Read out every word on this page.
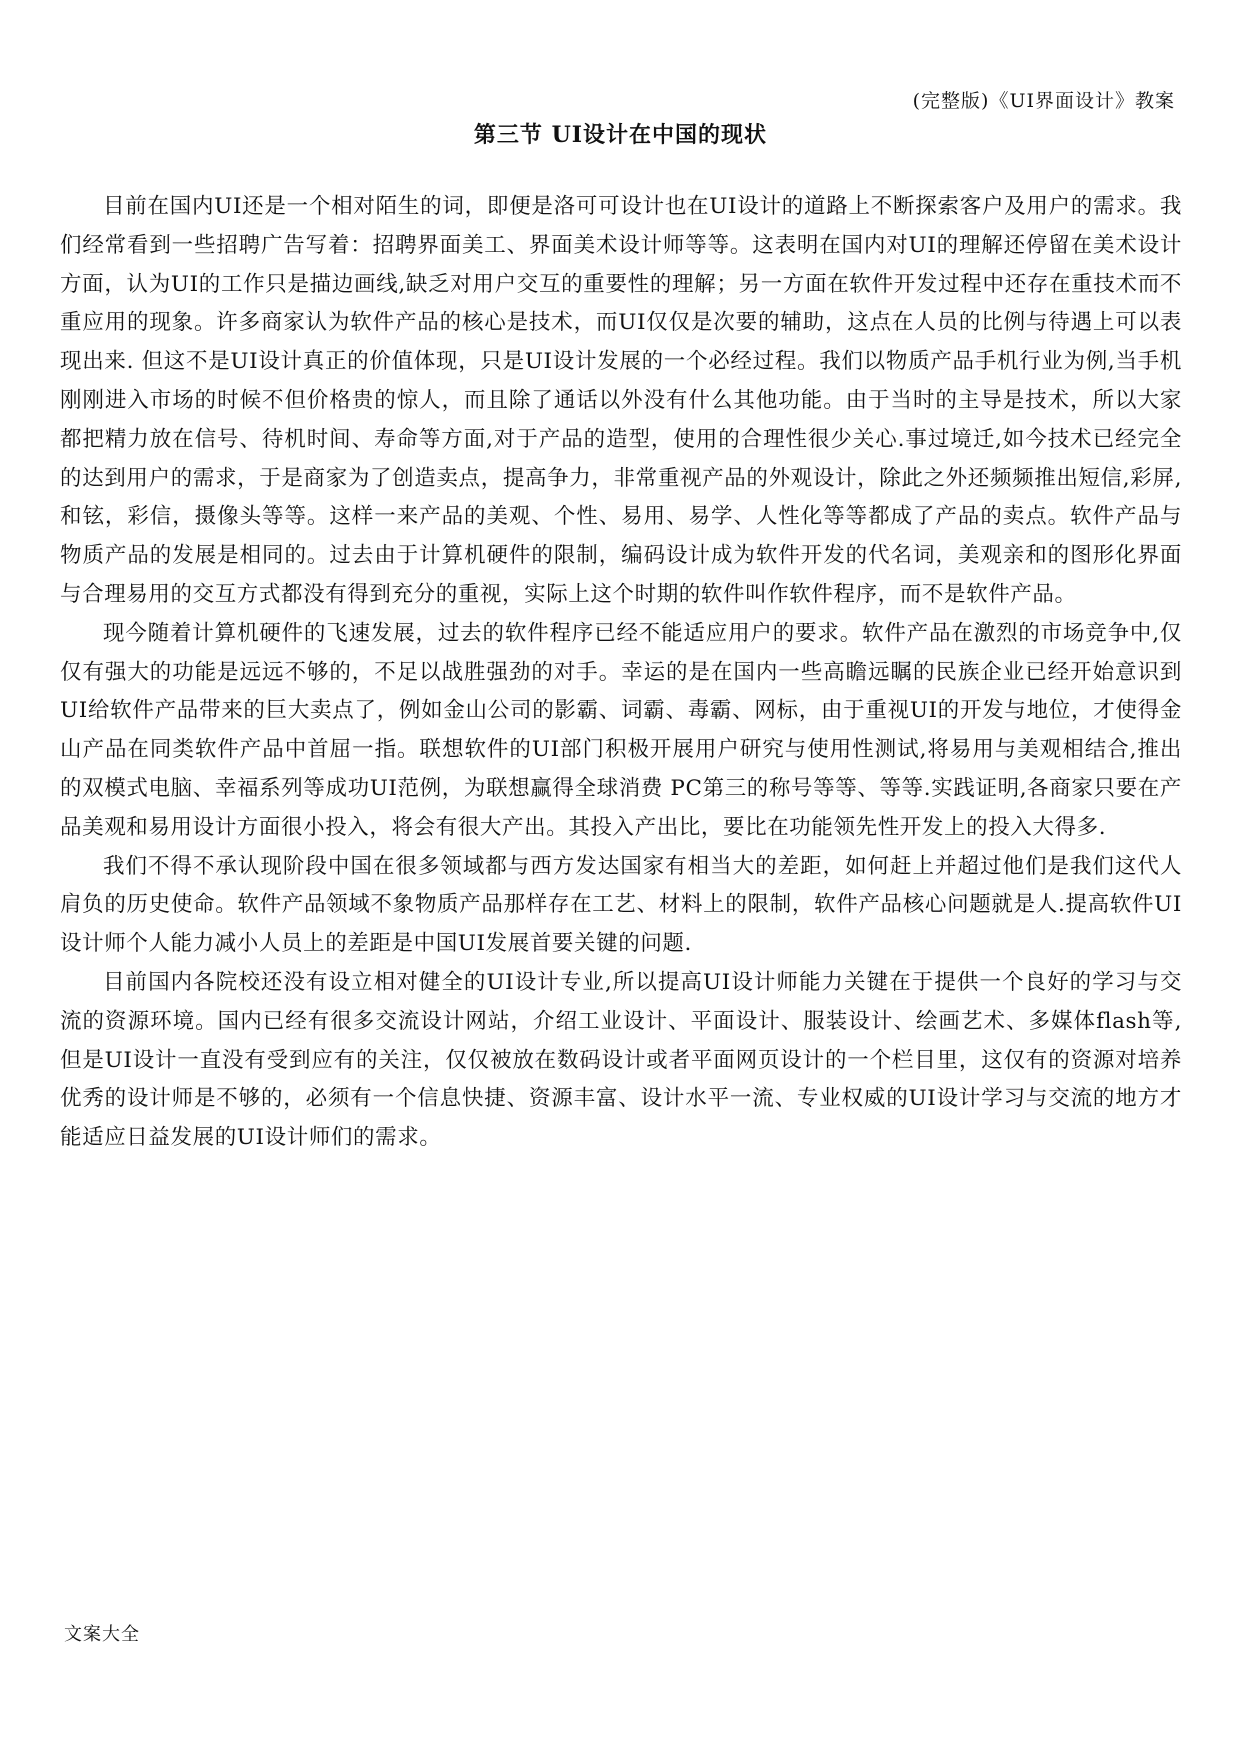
(完整版)《UI界面设计》教案
第三节 UI设计在中国的现状

目前在国内UI还是一个相对陌生的词，即便是洛可可设计也在UI设计的道路上不断探索客户及用户的需求。我们经常看到一些招聘广告写着：招聘界面美工、界面美术设计师等等。这表明在国内对UI的理解还停留在美术设计方面，认为UI的工作只是描边画线,缺乏对用户交互的重要性的理解；另一方面在软件开发过程中还存在重技术而不重应用的现象。许多商家认为软件产品的核心是技术，而UI仅仅是次要的辅助，这点在人员的比例与待遇上可以表现出来. 但这不是UI设计真正的价值体现，只是UI设计发展的一个必经过程。我们以物质产品手机行业为例,当手机刚刚进入市场的时候不但价格贵的惊人，而且除了通话以外没有什么其他功能。由于当时的主导是技术，所以大家都把精力放在信号、待机时间、寿命等方面,对于产品的造型，使用的合理性很少关心.事过境迁,如今技术已经完全的达到用户的需求，于是商家为了创造卖点，提高争力，非常重视产品的外观设计，除此之外还频频推出短信,彩屏,和铉，彩信，摄像头等等。这样一来产品的美观、个性、易用、易学、人性化等等都成了产品的卖点。软件产品与物质产品的发展是相同的。过去由于计算机硬件的限制，编码设计成为软件开发的代名词，美观亲和的图形化界面与合理易用的交互方式都没有得到充分的重视，实际上这个时期的软件叫作软件程序，而不是软件产品。

现今随着计算机硬件的飞速发展，过去的软件程序已经不能适应用户的要求。软件产品在激烈的市场竞争中,仅仅有强大的功能是远远不够的，不足以战胜强劲的对手。幸运的是在国内一些高瞻远瞩的民族企业已经开始意识到UI给软件产品带来的巨大卖点了，例如金山公司的影霸、词霸、毒霸、网标，由于重视UI的开发与地位，才使得金山产品在同类软件产品中首屈一指。联想软件的UI部门积极开展用户研究与使用性测试,将易用与美观相结合,推出的双模式电脑、幸福系列等成功UI范例，为联想赢得全球消费 PC第三的称号等等、等等.实践证明,各商家只要在产品美观和易用设计方面很小投入，将会有很大产出。其投入产出比，要比在功能领先性开发上的投入大得多.

我们不得不承认现阶段中国在很多领域都与西方发达国家有相当大的差距，如何赶上并超过他们是我们这代人肩负的历史使命。软件产品领域不象物质产品那样存在工艺、材料上的限制，软件产品核心问题就是人.提高软件UI设计师个人能力减小人员上的差距是中国UI发展首要关键的问题.

目前国内各院校还没有设立相对健全的UI设计专业,所以提高UI设计师能力关键在于提供一个良好的学习与交流的资源环境。国内已经有很多交流设计网站，介绍工业设计、平面设计、服装设计、绘画艺术、多媒体flash等,但是UI设计一直没有受到应有的关注，仅仅被放在数码设计或者平面网页设计的一个栏目里，这仅有的资源对培养优秀的设计师是不够的，必须有一个信息快捷、资源丰富、设计水平一流、专业权威的UI设计学习与交流的地方才能适应日益发展的UI设计师们的需求。

文案大全
